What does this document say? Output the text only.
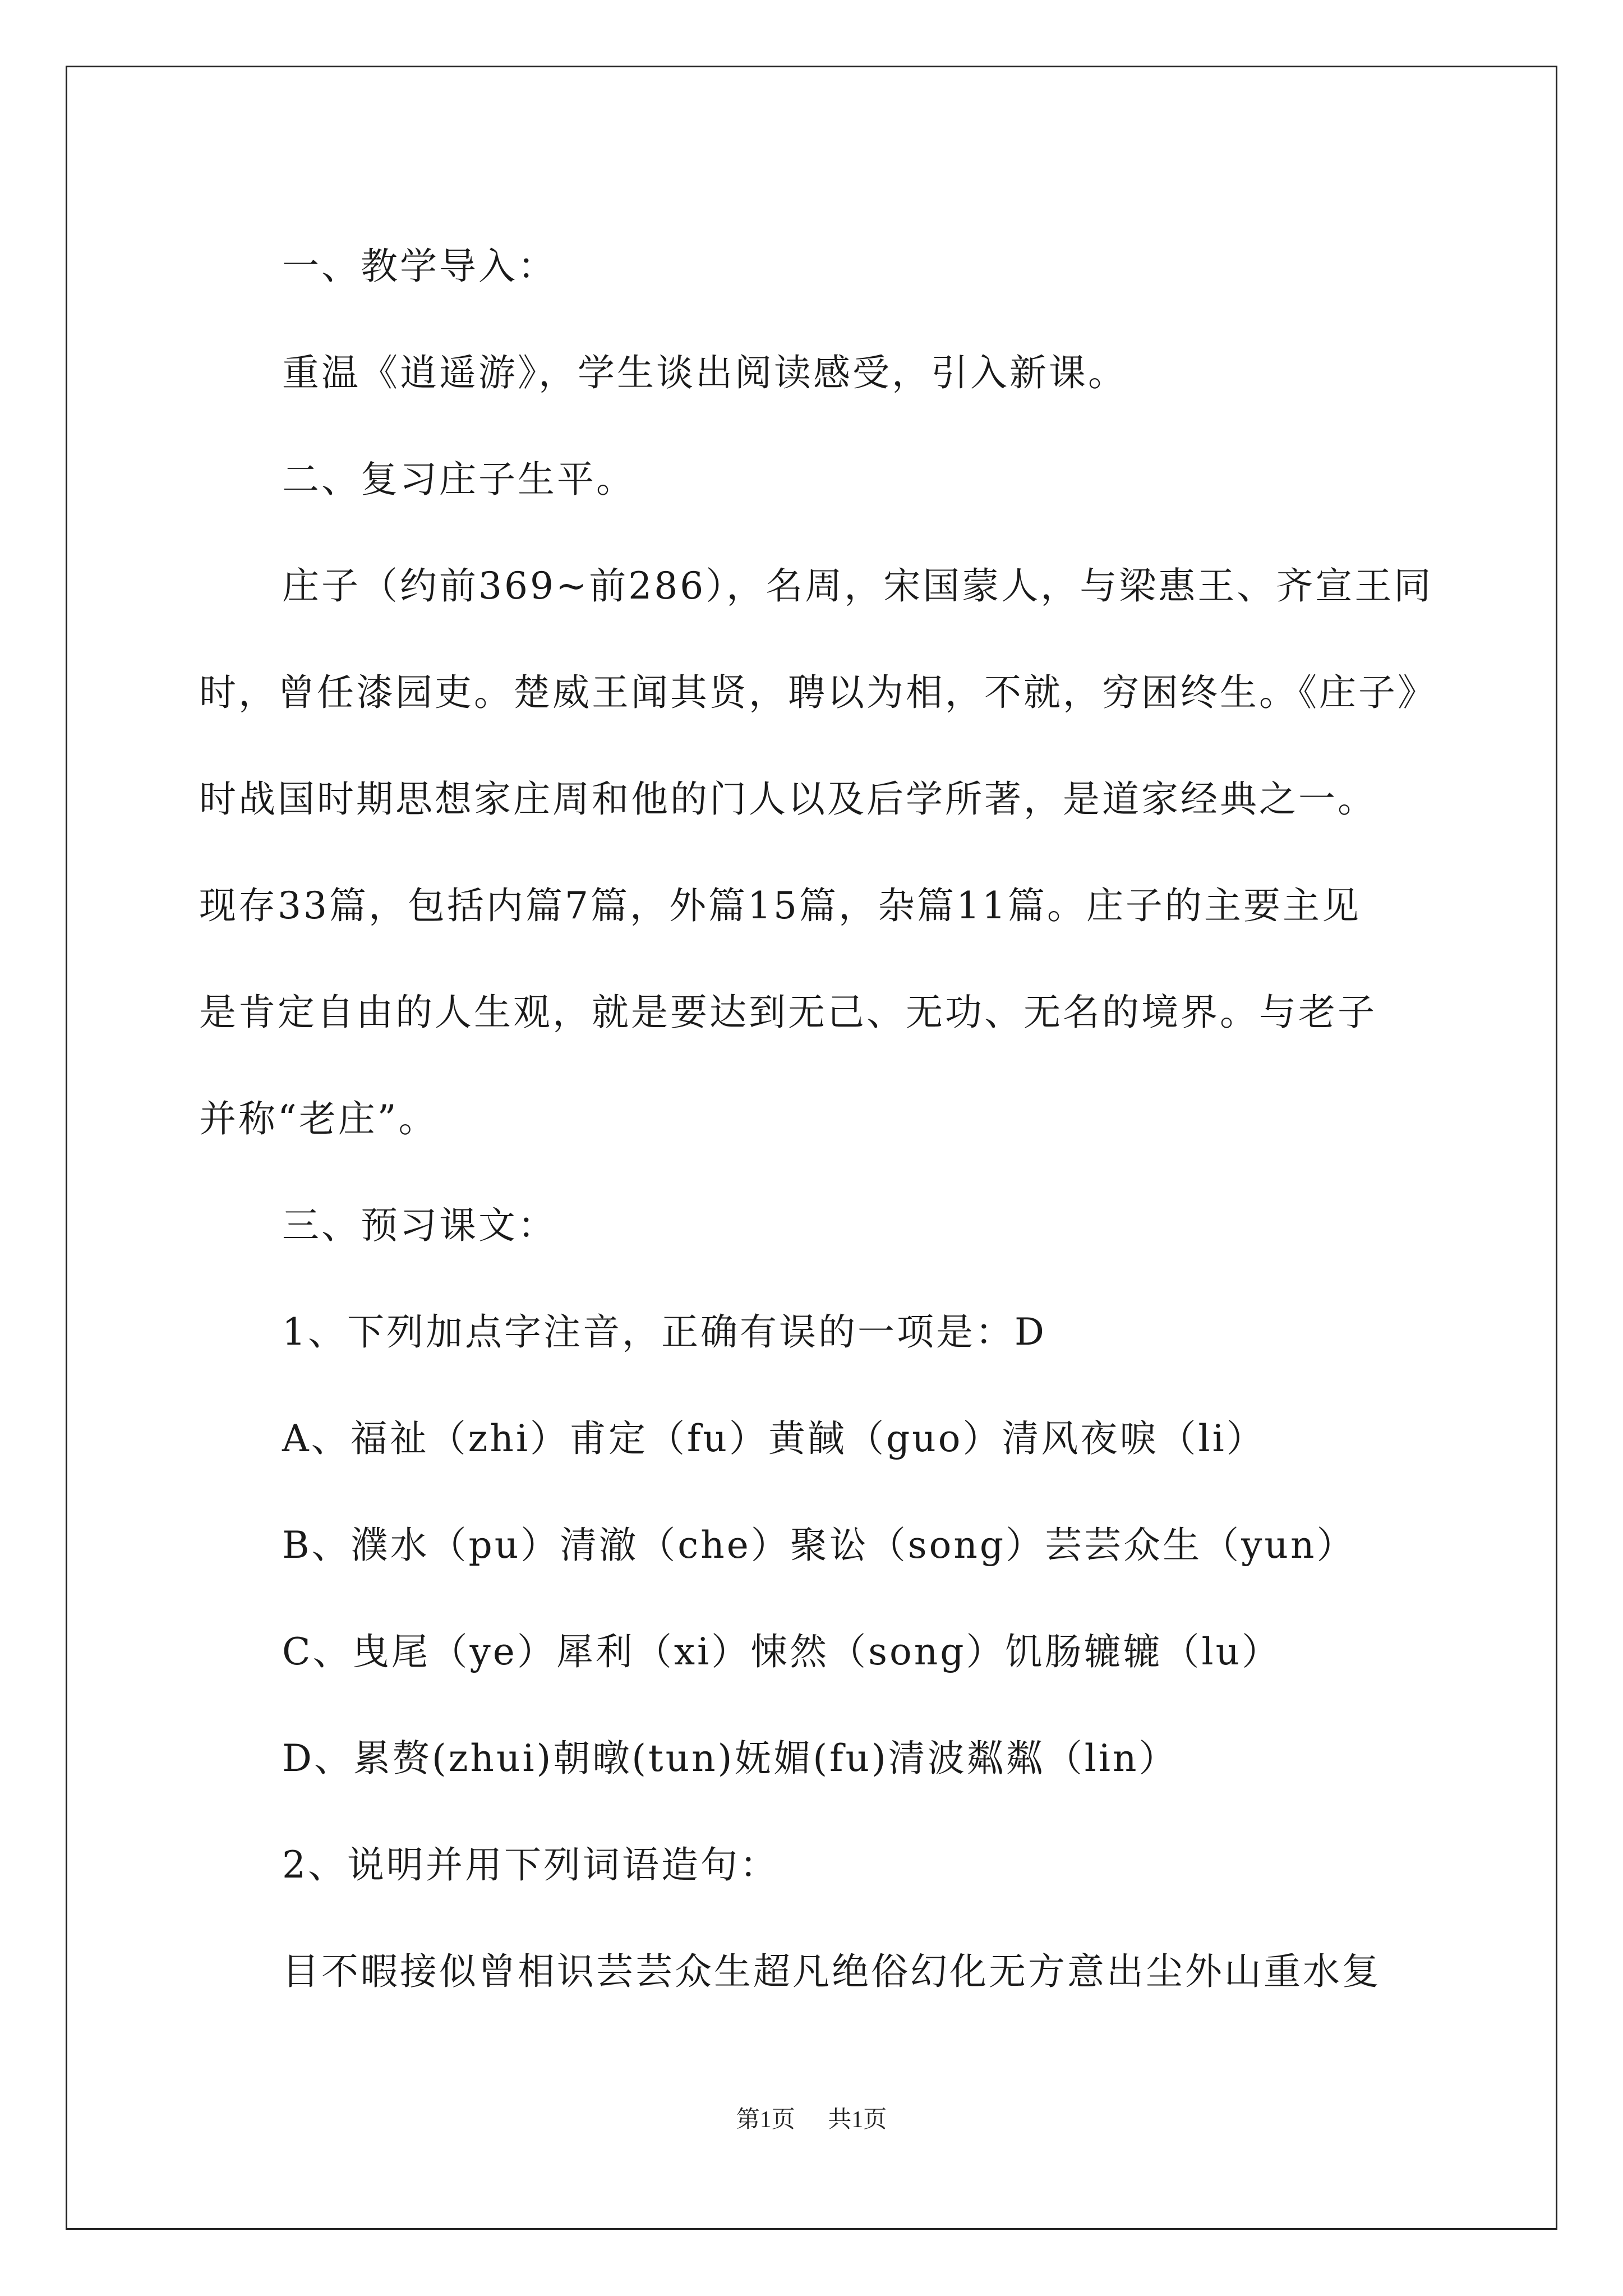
一、教学导入：
重温《逍遥游》，学生谈出阅读感受，引入新课。
二、复习庄子生平。
庄子（约前369~前286），名周，宋国蒙人，与梁惠王、齐宣王同
时，曾任漆园吏。楚威王闻其贤，聘以为相，不就，穷困终生。《庄子》
时战国时期思想家庄周和他的门人以及后学所著，是道家经典之一。
现存33篇，包括内篇7篇，外篇15篇，杂篇11篇。庄子的主要主见
是肯定自由的人生观，就是要达到无己、无功、无名的境界。与老子
并称“老庄”。
三、预习课文：
1、下列加点字注音，正确有误的一项是：D
A、福祉（zhi）甫定（fu）黄馘（guo）清风夜唳（li）
B、濮水（pu）清澈（che）聚讼（song）芸芸众生（yun）
C、曳尾（ye）犀利（xi）悚然（song）饥肠辘辘（lu）
D、累赘(zhui)朝暾(tun)妩媚(fu)清波粼粼（lin）
2、说明并用下列词语造句：
目不暇接似曾相识芸芸众生超凡绝俗幻化无方意出尘外山重水复
第1页 共1页
